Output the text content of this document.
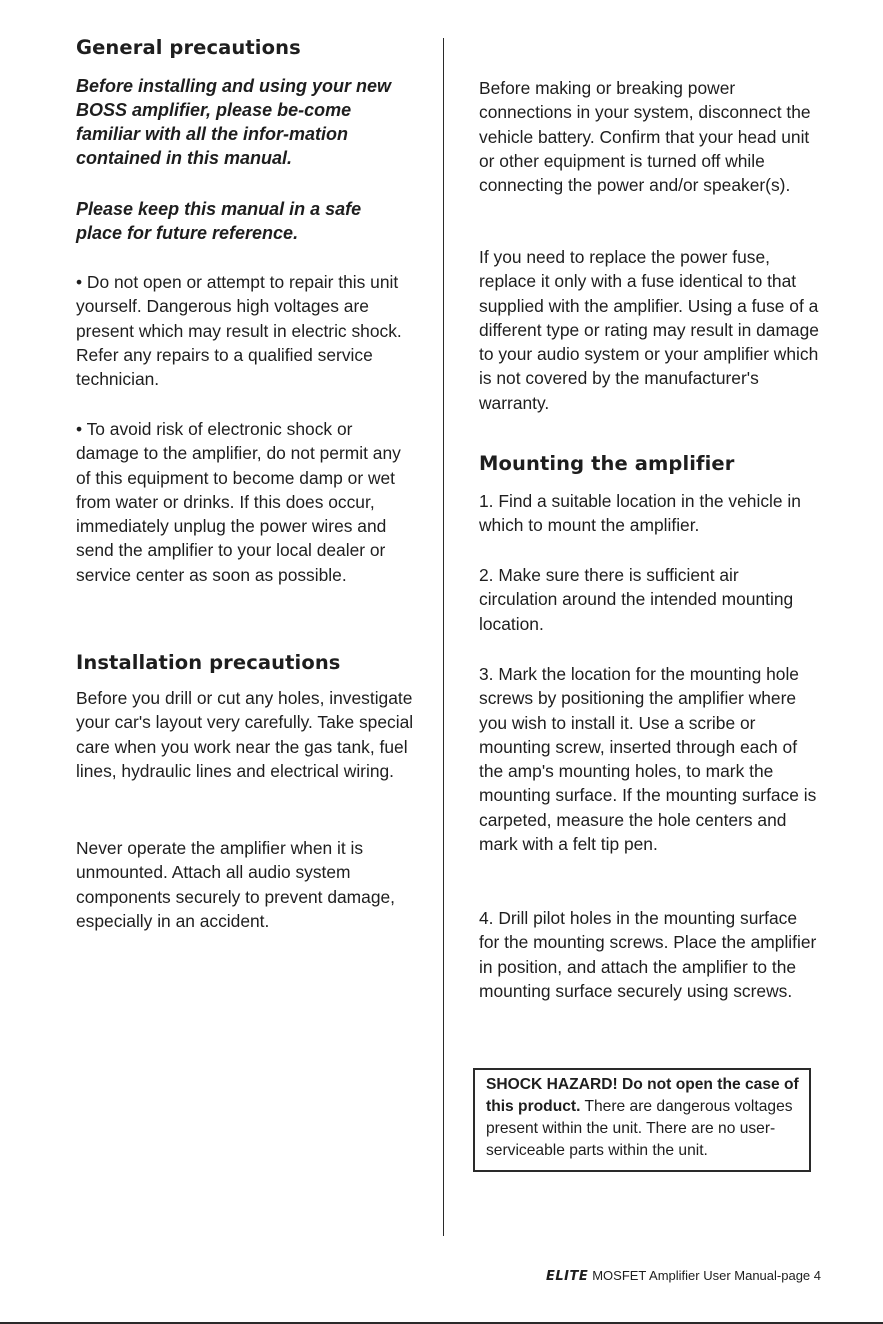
General precautions
Before installing and using your new BOSS amplifier, please be-come familiar with all the infor-mation contained in this manual.
Please keep this manual in a safe place for future reference.
• Do not open or attempt to repair this unit yourself. Dangerous high voltages are present which may result in electric shock. Refer any repairs to a qualified service technician.
• To avoid risk of electronic shock or damage to the amplifier, do not permit any of this equipment to become damp or wet from water or drinks. If this does occur, immediately unplug the power wires and send the amplifier to your local dealer or service center as soon as possible.
Installation precautions
Before you drill or cut any holes, investigate your car's layout very carefully. Take special care when you work near the gas tank, fuel lines, hydraulic lines and electrical wiring.
Never operate the amplifier when it is unmounted. Attach all audio system components securely to prevent damage, especially in an accident.
Before making or breaking power connections in your system, disconnect the vehicle battery. Confirm that your head unit or other equipment is turned off while connecting the power and/or speaker(s).
If you need to replace the power fuse, replace it only with a fuse identical to that supplied with the amplifier. Using a fuse of a different type or rating may result in damage to your audio system or your amplifier which is not covered by the manufacturer's warranty.
Mounting the amplifier
1. Find a suitable location in the vehicle in which to mount the amplifier.
2. Make sure there is sufficient air circulation around the intended mounting location.
3. Mark the location for the mounting hole screws by positioning the amplifier where you wish to install it. Use a scribe or mounting screw, inserted through each of the amp's mounting holes, to mark the mounting surface. If the mounting surface is carpeted, measure the hole centers and mark with a felt tip pen.
4. Drill pilot holes in the mounting surface for the mounting screws. Place the amplifier in position, and attach the amplifier to the mounting surface securely using screws.
SHOCK HAZARD! Do not open the case of this product. There are dangerous voltages present within the unit. There are no user-serviceable parts within the unit.
ELITE MOSFET Amplifier User Manual-page 4
